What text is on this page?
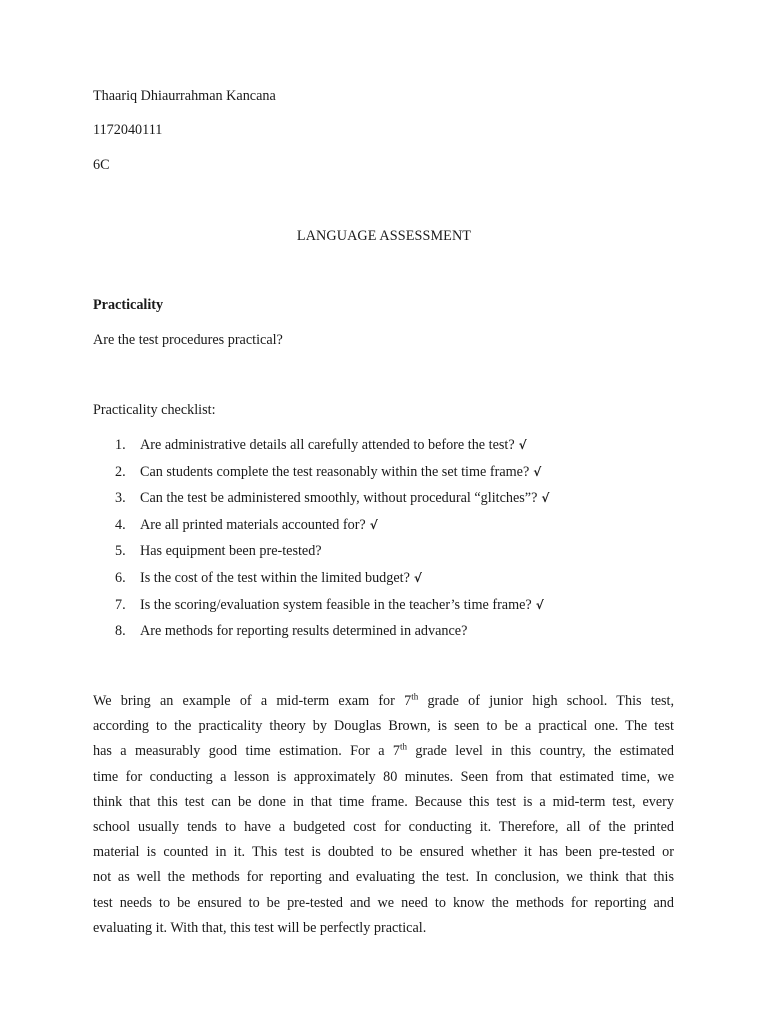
Thaariq Dhiaurrahman Kancana
1172040111
6C
LANGUAGE ASSESSMENT
Practicality
Are the test procedures practical?
Practicality checklist:
1. Are administrative details all carefully attended to before the test? √
2. Can students complete the test reasonably within the set time frame? √
3. Can the test be administered smoothly, without procedural “glitches”? √
4. Are all printed materials accounted for? √
5. Has equipment been pre-tested?
6. Is the cost of the test within the limited budget? √
7. Is the scoring/evaluation system feasible in the teacher’s time frame? √
8. Are methods for reporting results determined in advance?
We bring an example of a mid-term exam for 7th grade of junior high school. This test,
according to the practicality theory by Douglas Brown, is seen to be a practical one. The test
has a measurably good time estimation. For a 7th grade level in this country, the estimated
time for conducting a lesson is approximately 80 minutes. Seen from that estimated time, we
think that this test can be done in that time frame. Because this test is a mid-term test, every
school usually tends to have a budgeted cost for conducting it. Therefore, all of the printed
material is counted in it. This test is doubted to be ensured whether it has been pre-tested or
not as well the methods for reporting and evaluating the test. In conclusion, we think that this
test needs to be ensured to be pre-tested and we need to know the methods for reporting and
evaluating it. With that, this test will be perfectly practical.
